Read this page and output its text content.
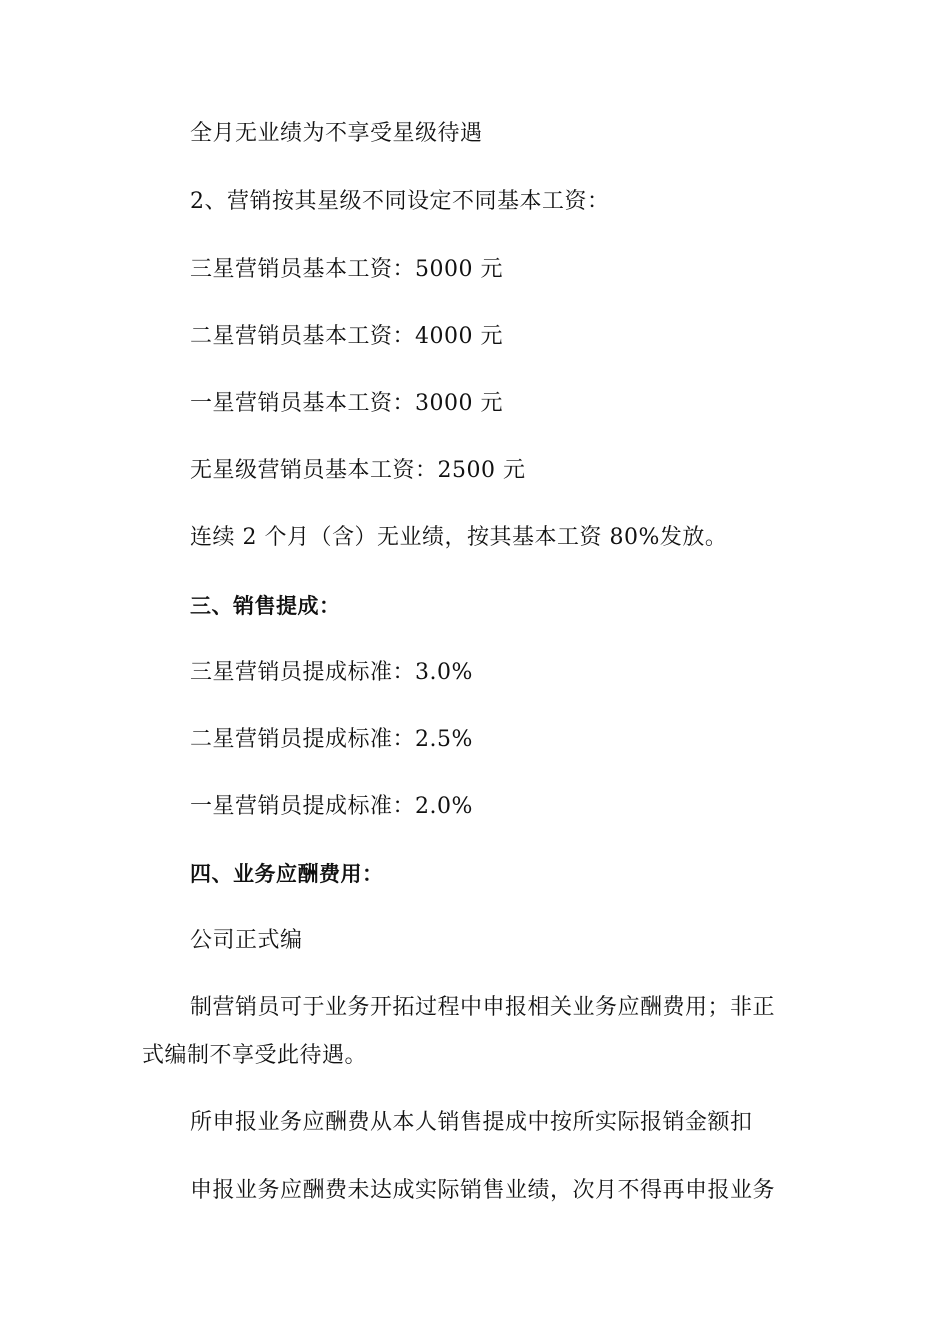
全月无业绩为不享受星级待遇
2、营销按其星级不同设定不同基本工资：
三星营销员基本工资：5000 元
二星营销员基本工资：4000 元
一星营销员基本工资：3000 元
无星级营销员基本工资：2500 元
连续 2 个月（含）无业绩，按其基本工资 80%发放。
三、销售提成：
三星营销员提成标准：3.0%
二星营销员提成标准：2.5%
一星营销员提成标准：2.0%
四、业务应酬费用：
公司正式编
制营销员可于业务开拓过程中申报相关业务应酬费用；非正
式编制不享受此待遇。
所申报业务应酬费从本人销售提成中按所实际报销金额扣
申报业务应酬费未达成实际销售业绩，次月不得再申报业务
